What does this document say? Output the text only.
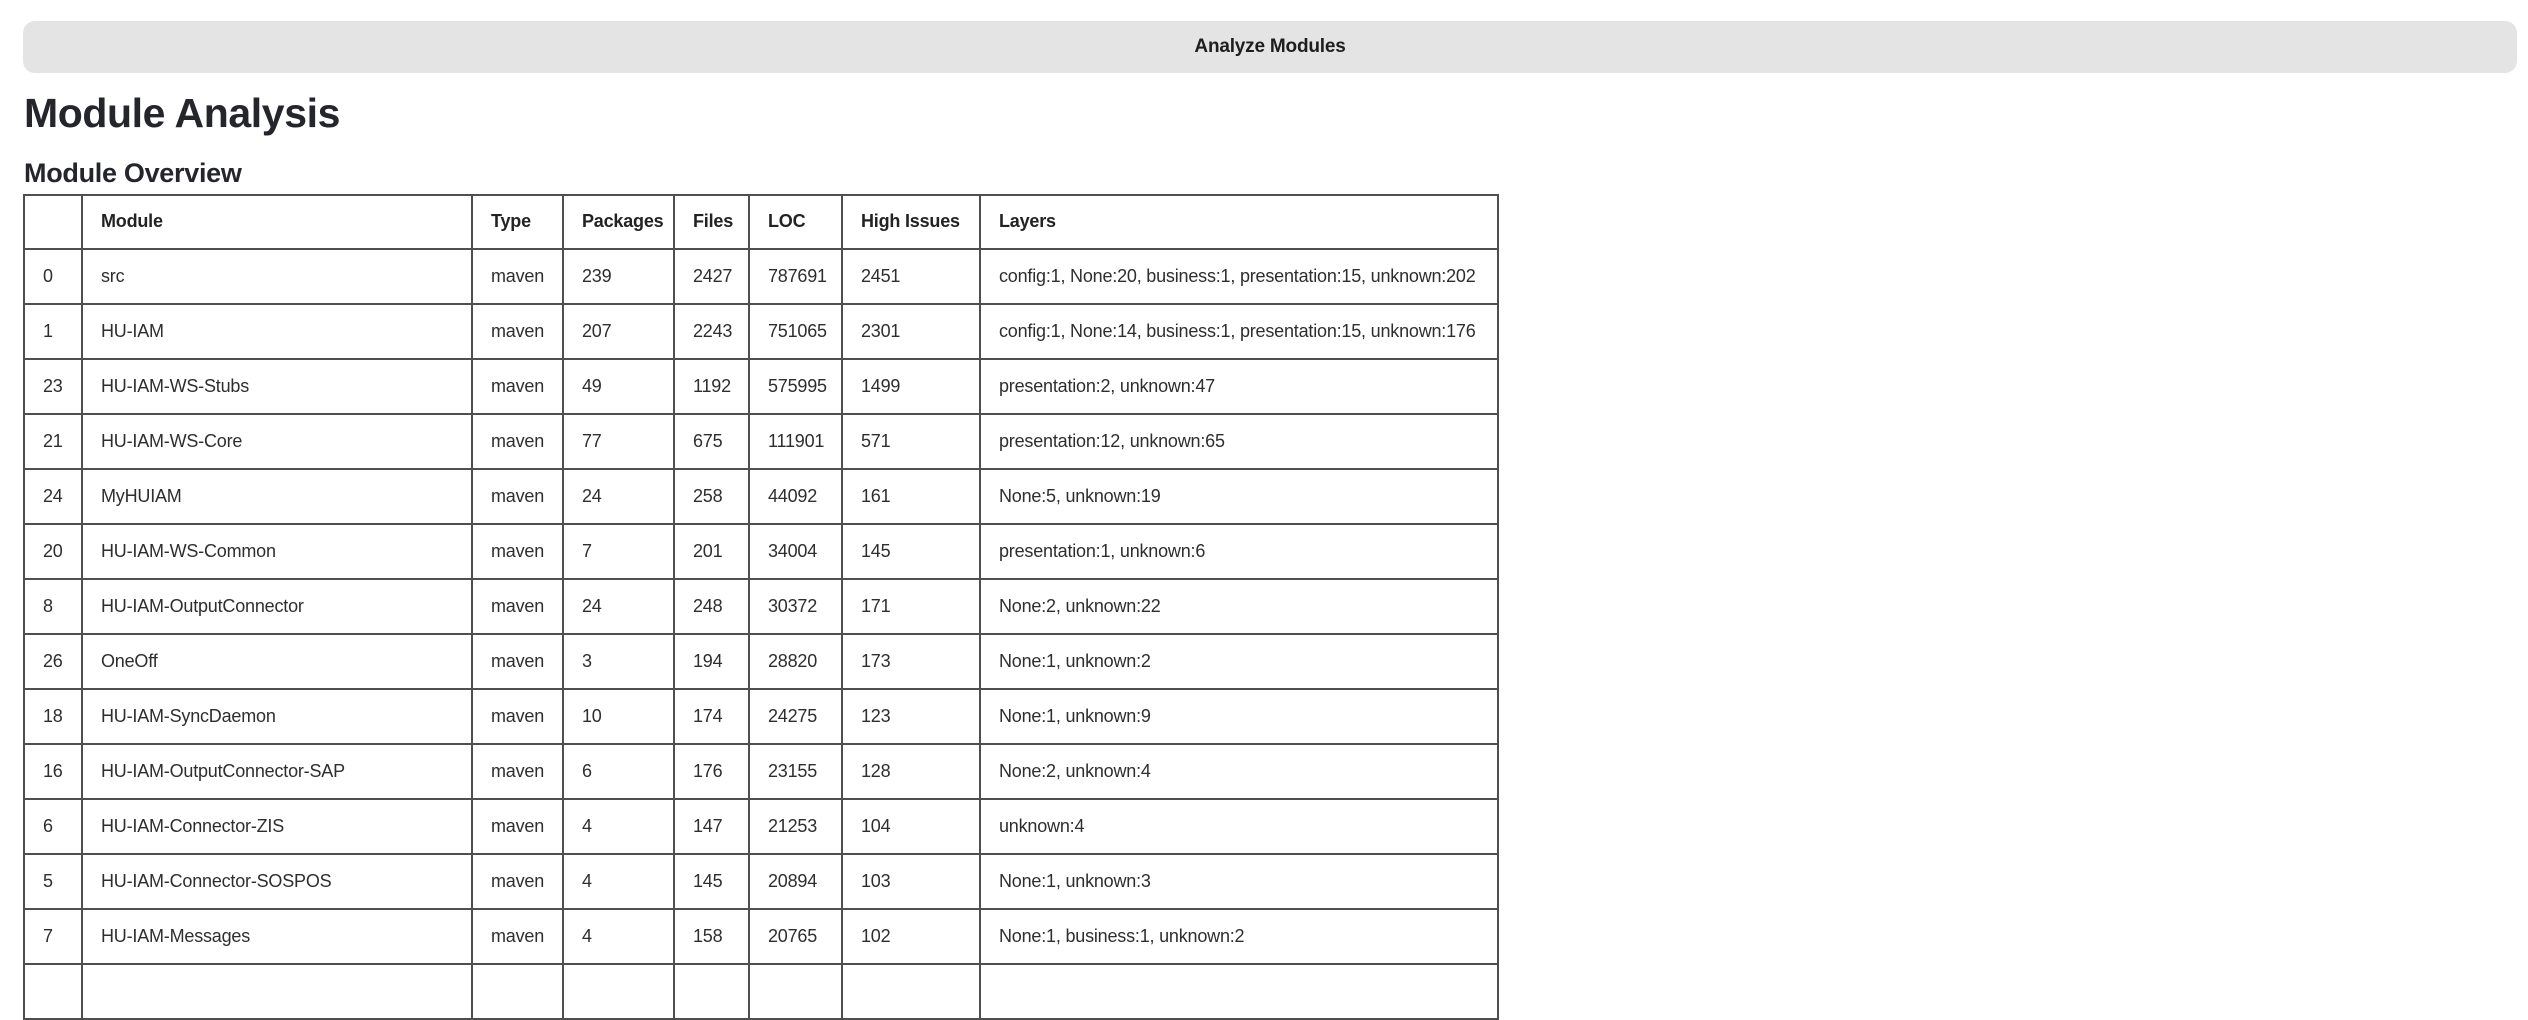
Analyze Modules
Module Analysis
Module Overview
	Module	Type	Packages	Files	LOC	High Issues	Layers
0	src	maven	239	2427	787691	2451	config:1, None:20, business:1, presentation:15, unknown:202
1	HU-IAM	maven	207	2243	751065	2301	config:1, None:14, business:1, presentation:15, unknown:176
23	HU-IAM-WS-Stubs	maven	49	1192	575995	1499	presentation:2, unknown:47
21	HU-IAM-WS-Core	maven	77	675	111901	571	presentation:12, unknown:65
24	MyHUIAM	maven	24	258	44092	161	None:5, unknown:19
20	HU-IAM-WS-Common	maven	7	201	34004	145	presentation:1, unknown:6
8	HU-IAM-OutputConnector	maven	24	248	30372	171	None:2, unknown:22
26	OneOff	maven	3	194	28820	173	None:1, unknown:2
18	HU-IAM-SyncDaemon	maven	10	174	24275	123	None:1, unknown:9
16	HU-IAM-OutputConnector-SAP	maven	6	176	23155	128	None:2, unknown:4
6	HU-IAM-Connector-ZIS	maven	4	147	21253	104	unknown:4
5	HU-IAM-Connector-SOSPOS	maven	4	145	20894	103	None:1, unknown:3
7	HU-IAM-Messages	maven	4	158	20765	102	None:1, business:1, unknown:2
